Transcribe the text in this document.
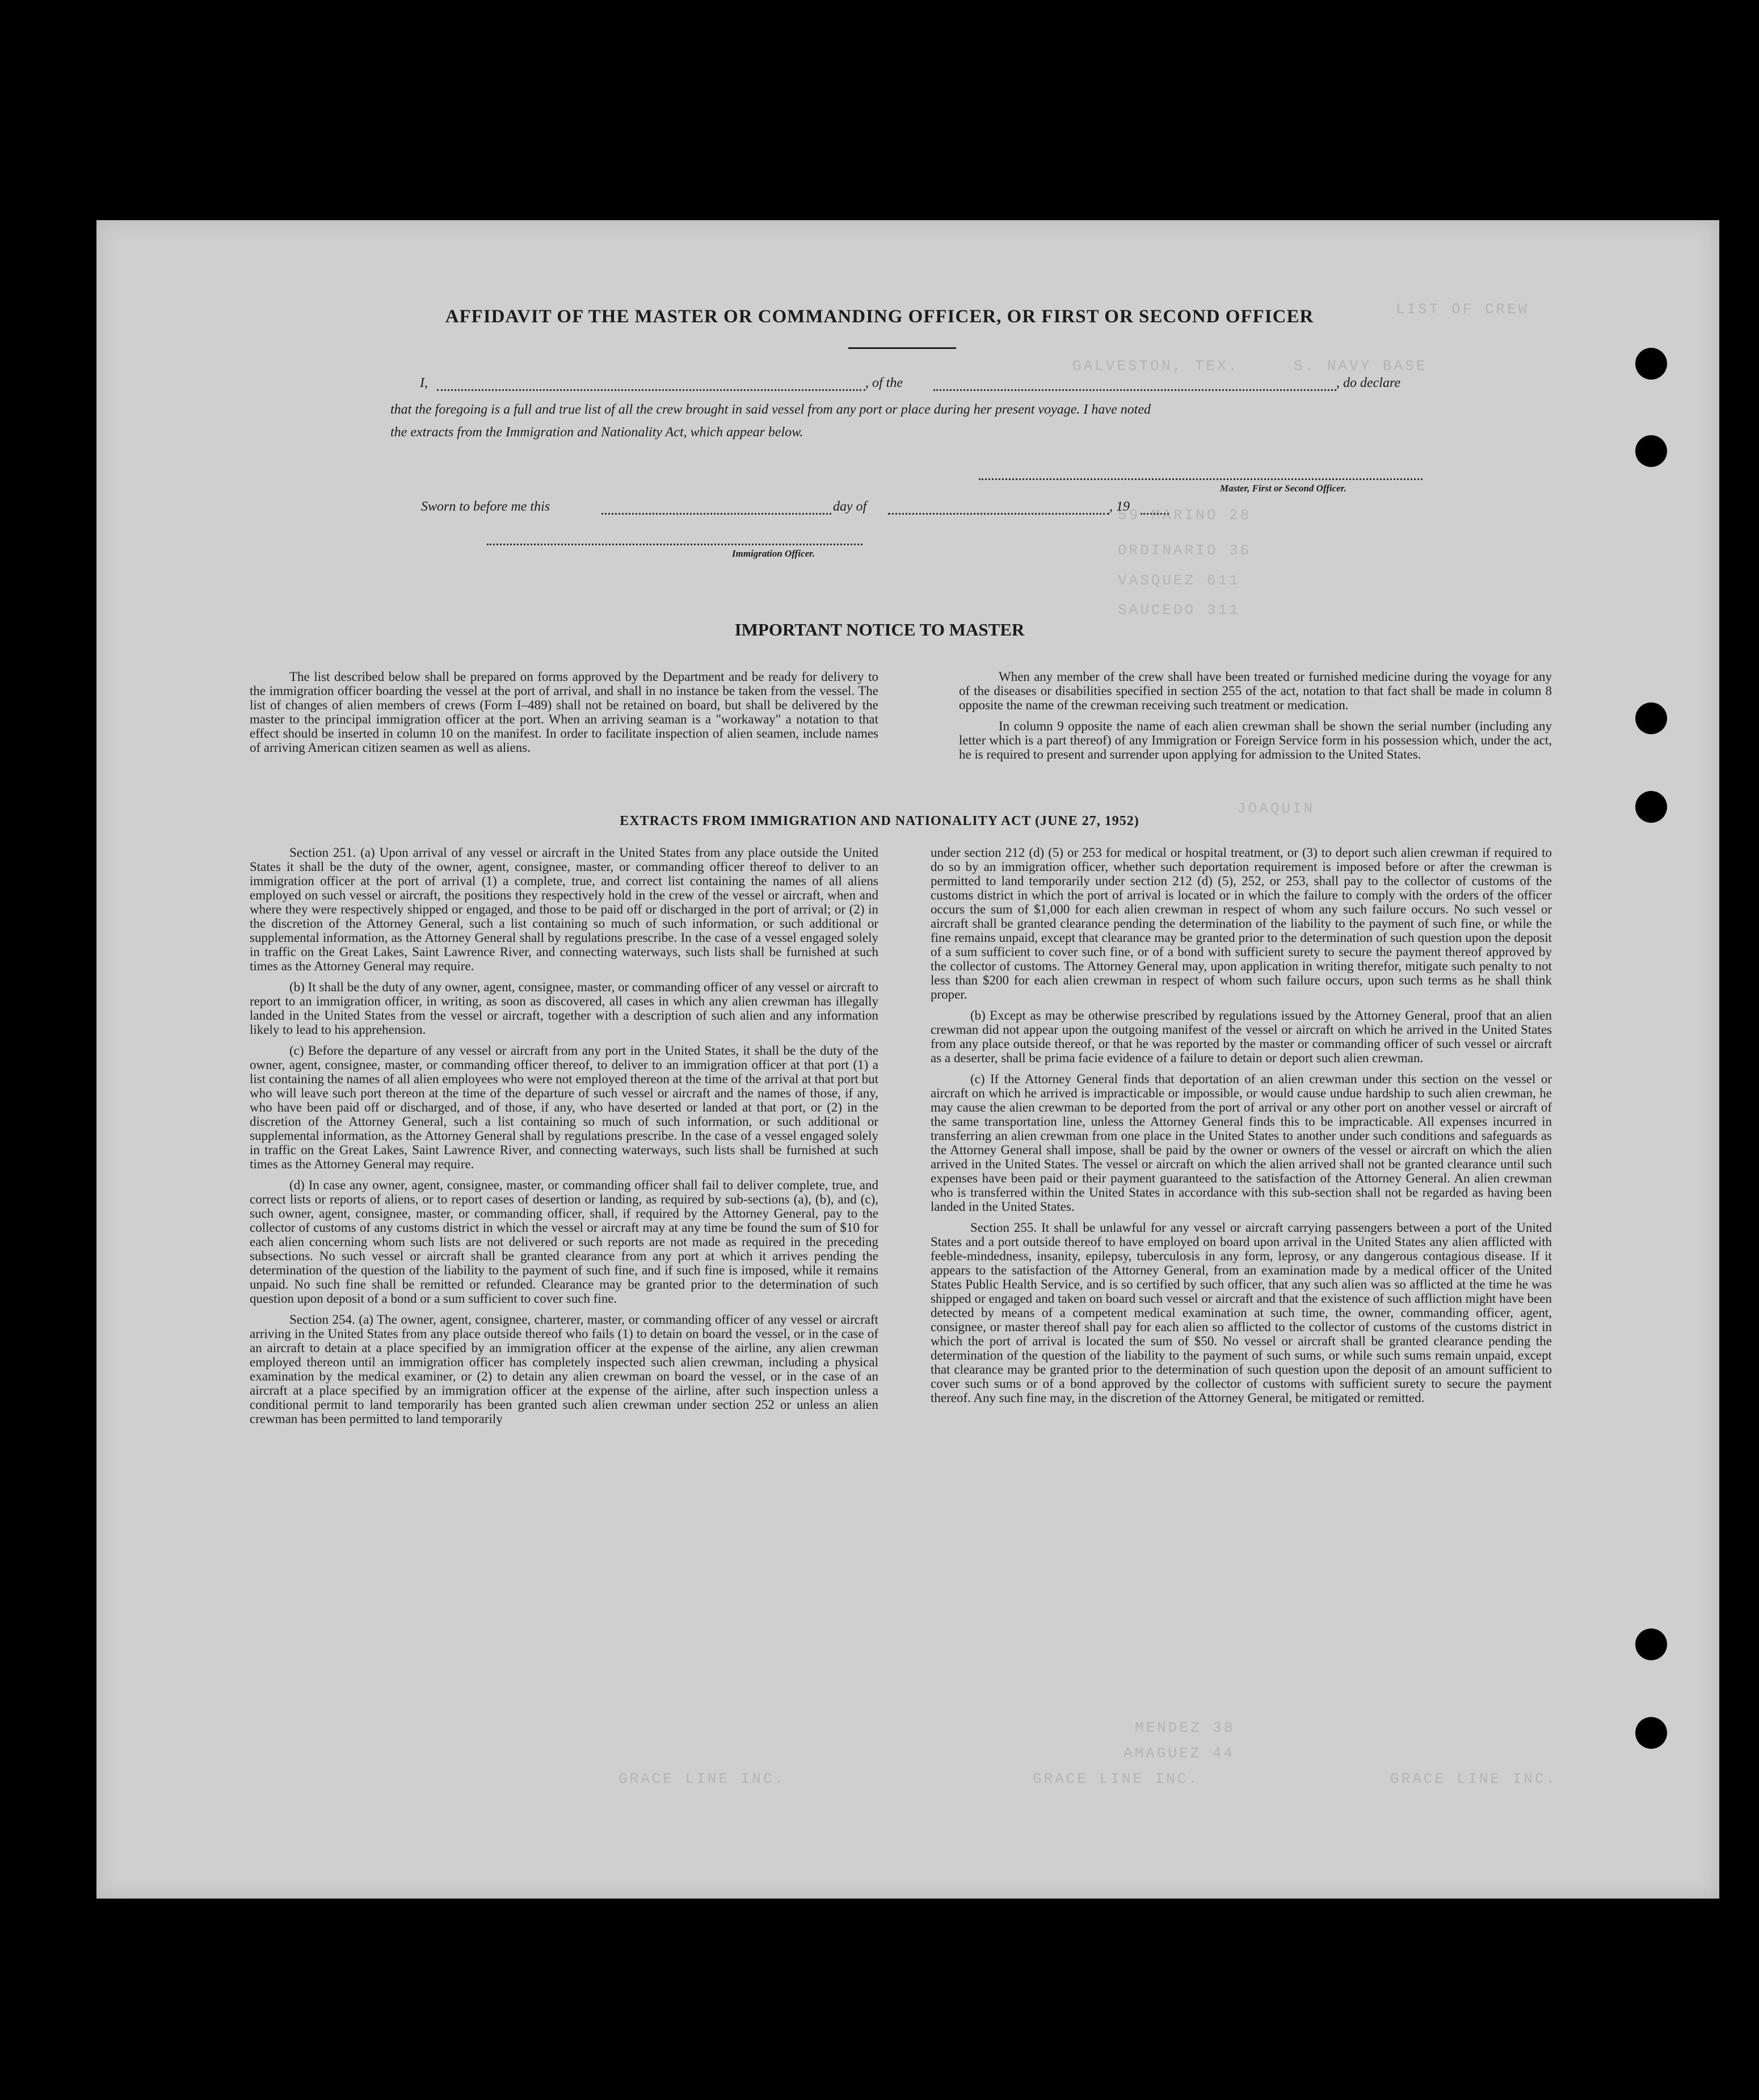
GALVESTON, TEX.	S. NAVY BASE
LIST OF CREW
59 MARINO 28
ORDINARIO 36
VASQUEZ 611
SAUCEDO 311
JOAQUIN
GRACE LINE INC.	GRACE LINE INC.	GRACE LINE INC.
MENDEZ 38
AMAGUEZ 44
AFFIDAVIT OF THE MASTER OR COMMANDING OFFICER, OR FIRST OR SECOND OFFICER
I,	, of the	, do declare
that the foregoing is a full and true list of all the crew brought in said vessel from any port or place during her present voyage. I have noted
the extracts from the Immigration and Nationality Act, which appear below.
Master, First or Second Officer.
Sworn to before me this	day of	, 19
Immigration Officer.
IMPORTANT NOTICE TO MASTER

The list described below shall be prepared on forms approved by the Department and be ready for delivery to the immigration officer boarding the vessel at the port of arrival, and shall in no instance be taken from the vessel. The list of changes of alien members of crews (Form I–489) shall not be retained on board, but shall be delivered by the master to the principal immigration officer at the port. When an arriving seaman is a "workaway" a notation to that effect should be inserted in column 10 on the manifest. In order to facilitate inspection of alien seamen, include names of arriving American citizen seamen as well as aliens.

When any member of the crew shall have been treated or furnished medicine during the voyage for any of the diseases or disabilities specified in section 255 of the act, notation to that fact shall be made in column 8 opposite the name of the crewman receiving such treatment or medication.

In column 9 opposite the name of each alien crewman shall be shown the serial number (including any letter which is a part thereof) of any Immigration or Foreign Service form in his possession which, under the act, he is required to present and surrender upon applying for admission to the United States.

EXTRACTS FROM IMMIGRATION AND NATIONALITY ACT (JUNE 27, 1952)

Section 251. (a) Upon arrival of any vessel or aircraft in the United States from any place outside the United States it shall be the duty of the owner, agent, consignee, master, or commanding officer thereof to deliver to an immigration officer at the port of arrival (1) a complete, true, and correct list containing the names of all aliens employed on such vessel or aircraft, the positions they respectively hold in the crew of the vessel or aircraft, when and where they were respectively shipped or engaged, and those to be paid off or discharged in the port of arrival; or (2) in the discretion of the Attorney General, such a list containing so much of such information, or such additional or supplemental information, as the Attorney General shall by regulations prescribe. In the case of a vessel engaged solely in traffic on the Great Lakes, Saint Lawrence River, and connecting waterways, such lists shall be furnished at such times as the Attorney General may require.

(b) It shall be the duty of any owner, agent, consignee, master, or commanding officer of any vessel or aircraft to report to an immigration officer, in writing, as soon as discovered, all cases in which any alien crewman has illegally landed in the United States from the vessel or aircraft, together with a description of such alien and any information likely to lead to his apprehension.

(c) Before the departure of any vessel or aircraft from any port in the United States, it shall be the duty of the owner, agent, consignee, master, or commanding officer thereof, to deliver to an immigration officer at that port (1) a list containing the names of all alien employees who were not employed thereon at the time of the arrival at that port but who will leave such port thereon at the time of the departure of such vessel or aircraft and the names of those, if any, who have been paid off or discharged, and of those, if any, who have deserted or landed at that port, or (2) in the discretion of the Attorney General, such a list containing so much of such information, or such additional or supplemental information, as the Attorney General shall by regulations prescribe. In the case of a vessel engaged solely in traffic on the Great Lakes, Saint Lawrence River, and connecting waterways, such lists shall be furnished at such times as the Attorney General may require.

(d) In case any owner, agent, consignee, master, or commanding officer shall fail to deliver complete, true, and correct lists or reports of aliens, or to report cases of desertion or landing, as required by sub-sections (a), (b), and (c), such owner, agent, consignee, master, or commanding officer, shall, if required by the Attorney General, pay to the collector of customs of any customs district in which the vessel or aircraft may at any time be found the sum of $10 for each alien concerning whom such lists are not delivered or such reports are not made as required in the preceding subsections. No such vessel or aircraft shall be granted clearance from any port at which it arrives pending the determination of the question of the liability to the payment of such fine, and if such fine is imposed, while it remains unpaid. No such fine shall be remitted or refunded. Clearance may be granted prior to the determination of such question upon deposit of a bond or a sum sufficient to cover such fine.

Section 254. (a) The owner, agent, consignee, charterer, master, or commanding officer of any vessel or aircraft arriving in the United States from any place outside thereof who fails (1) to detain on board the vessel, or in the case of an aircraft to detain at a place specified by an immigration officer at the expense of the airline, any alien crewman employed thereon until an immigration officer has completely inspected such alien crewman, including a physical examination by the medical examiner, or (2) to detain any alien crewman on board the vessel, or in the case of an aircraft at a place specified by an immigration officer at the expense of the airline, after such inspection unless a conditional permit to land temporarily has been granted such alien crewman under section 252 or unless an alien crewman has been permitted to land temporarily

under section 212 (d) (5) or 253 for medical or hospital treatment, or (3) to deport such alien crewman if required to do so by an immigration officer, whether such deportation requirement is imposed before or after the crewman is permitted to land temporarily under section 212 (d) (5), 252, or 253, shall pay to the collector of customs of the customs district in which the port of arrival is located or in which the failure to comply with the orders of the officer occurs the sum of $1,000 for each alien crewman in respect of whom any such failure occurs. No such vessel or aircraft shall be granted clearance pending the determination of the liability to the payment of such fine, or while the fine remains unpaid, except that clearance may be granted prior to the determination of such question upon the deposit of a sum sufficient to cover such fine, or of a bond with sufficient surety to secure the payment thereof approved by the collector of customs. The Attorney General may, upon application in writing therefor, mitigate such penalty to not less than $200 for each alien crewman in respect of whom such failure occurs, upon such terms as he shall think proper.

(b) Except as may be otherwise prescribed by regulations issued by the Attorney General, proof that an alien crewman did not appear upon the outgoing manifest of the vessel or aircraft on which he arrived in the United States from any place outside thereof, or that he was reported by the master or commanding officer of such vessel or aircraft as a deserter, shall be prima facie evidence of a failure to detain or deport such alien crewman.

(c) If the Attorney General finds that deportation of an alien crewman under this section on the vessel or aircraft on which he arrived is impracticable or impossible, or would cause undue hardship to such alien crewman, he may cause the alien crewman to be deported from the port of arrival or any other port on another vessel or aircraft of the same transportation line, unless the Attorney General finds this to be impracticable. All expenses incurred in transferring an alien crewman from one place in the United States to another under such conditions and safeguards as the Attorney General shall impose, shall be paid by the owner or owners of the vessel or aircraft on which the alien arrived in the United States. The vessel or aircraft on which the alien arrived shall not be granted clearance until such expenses have been paid or their payment guaranteed to the satisfaction of the Attorney General. An alien crewman who is transferred within the United States in accordance with this sub-section shall not be regarded as having been landed in the United States.

Section 255. It shall be unlawful for any vessel or aircraft carrying passengers between a port of the United States and a port outside thereof to have employed on board upon arrival in the United States any alien afflicted with feeble-mindedness, insanity, epilepsy, tuberculosis in any form, leprosy, or any dangerous contagious disease. If it appears to the satisfaction of the Attorney General, from an examination made by a medical officer of the United States Public Health Service, and is so certified by such officer, that any such alien was so afflicted at the time he was shipped or engaged and taken on board such vessel or aircraft and that the existence of such affliction might have been detected by means of a competent medical examination at such time, the owner, commanding officer, agent, consignee, or master thereof shall pay for each alien so afflicted to the collector of customs of the customs district in which the port of arrival is located the sum of $50. No vessel or aircraft shall be granted clearance pending the determination of the question of the liability to the payment of such sums, or while such sums remain unpaid, except that clearance may be granted prior to the determination of such question upon the deposit of an amount sufficient to cover such sums or of a bond approved by the collector of customs with sufficient surety to secure the payment thereof. Any such fine may, in the discretion of the Attorney General, be mitigated or remitted.
